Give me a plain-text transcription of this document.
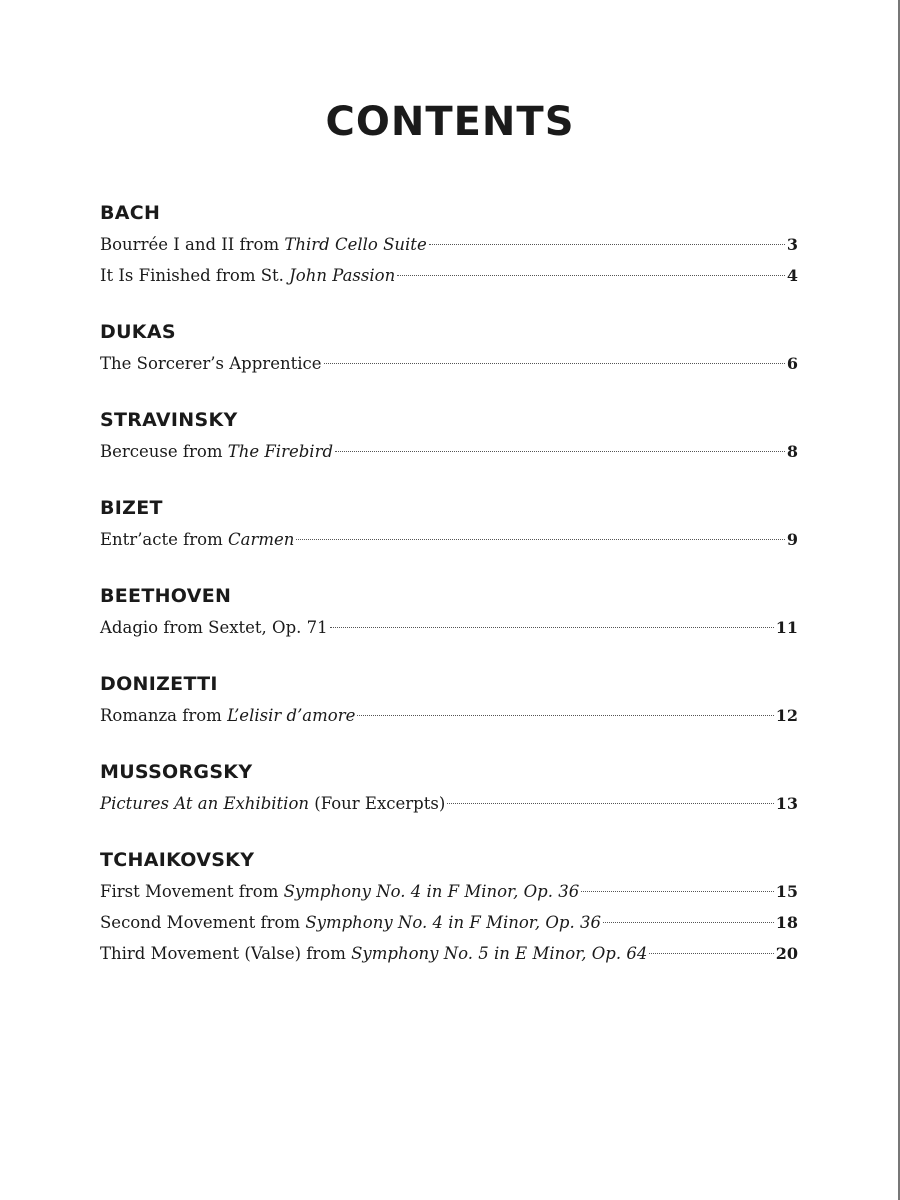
CONTENTS
BACH
Bourrée I and II from Third Cello Suite	3
It Is Finished from St. John Passion	4
DUKAS
The Sorcerer’s Apprentice	6
STRAVINSKY
Berceuse from The Firebird	8
BIZET
Entr’acte from Carmen	9
BEETHOVEN
Adagio from Sextet, Op. 71	11
DONIZETTI
Romanza from L’elisir d’amore	12
MUSSORGSKY
Pictures At an Exhibition (Four Excerpts)	13
TCHAIKOVSKY
First Movement from Symphony No. 4 in F Minor, Op. 36	15
Second Movement from Symphony No. 4 in F Minor, Op. 36	18
Third Movement (Valse) from Symphony No. 5 in E Minor, Op. 64	20
